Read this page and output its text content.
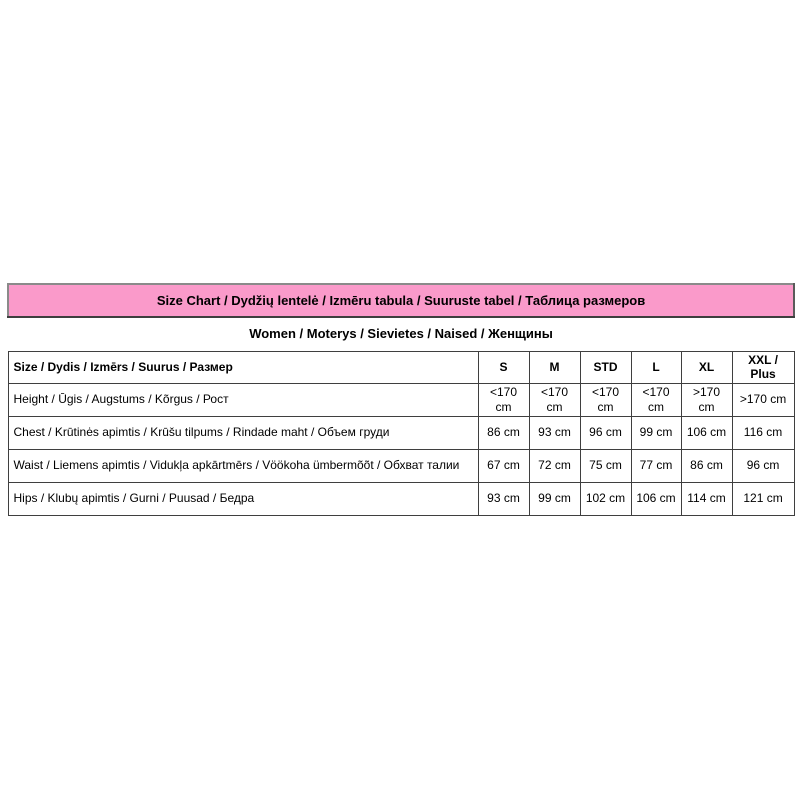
Size Chart / Dydžių lentelė / Izmēru tabula / Suuruste tabel / Таблица размеров						
Women / Moterys / Sievietes / Naised / Женщины						
Size / Dydis / Izmērs / Suurus / Размер	S	M	STD	L	XL	XXL / Plus
Height / Ūgis / Augstums / Kõrgus / Рост	<170 cm	<170 cm	<170 cm	<170 cm	>170 cm	>170 cm
Chest / Krūtinės apimtis / Krūšu tilpums / Rindade maht / Объем груди	86 cm	93 cm	96 cm	99 cm	106 cm	116 cm
Waist / Liemens apimtis / Vidukļa apkārtmērs / Vöökoha ümbermõõt / Обхват талии	67 cm	72 cm	75 cm	77 cm	86 cm	96 cm
Hips / Klubų apimtis / Gurni / Puusad / Бедра	93 cm	99 cm	102 cm	106 cm	114 cm	121 cm
